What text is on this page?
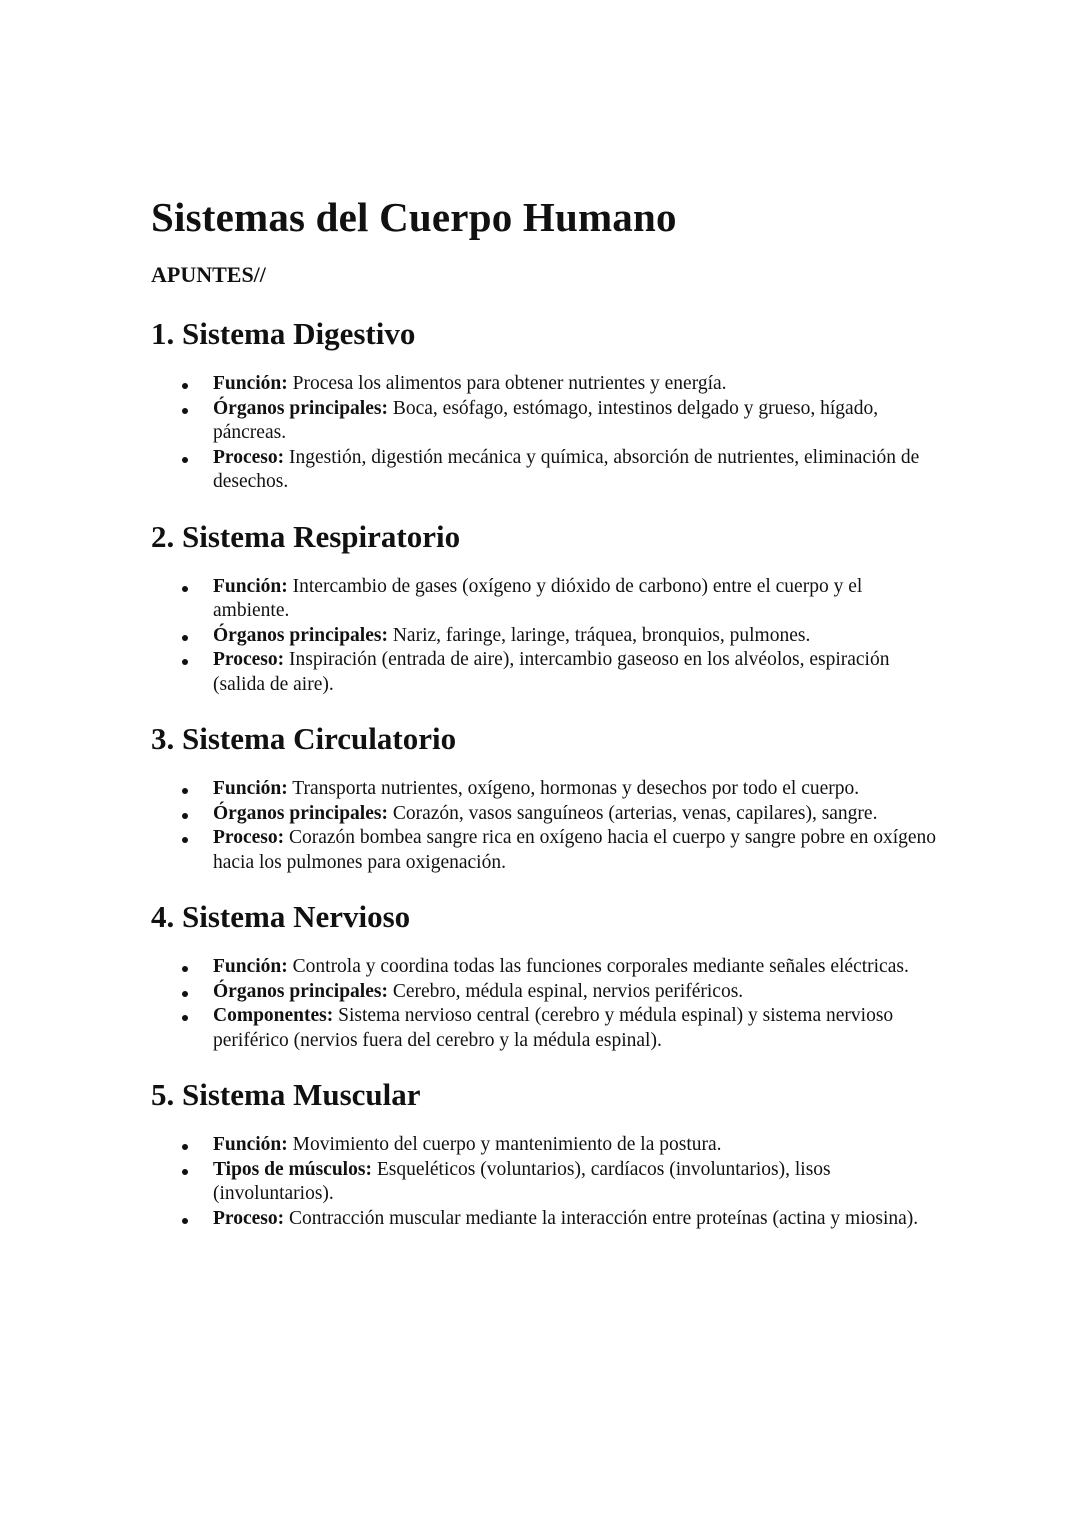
Sistemas del Cuerpo Humano
APUNTES//
1. Sistema Digestivo
Función: Procesa los alimentos para obtener nutrientes y energía.
Órganos principales: Boca, esófago, estómago, intestinos delgado y grueso, hígado, páncreas.
Proceso: Ingestión, digestión mecánica y química, absorción de nutrientes, eliminación de desechos.
2. Sistema Respiratorio
Función: Intercambio de gases (oxígeno y dióxido de carbono) entre el cuerpo y el ambiente.
Órganos principales: Nariz, faringe, laringe, tráquea, bronquios, pulmones.
Proceso: Inspiración (entrada de aire), intercambio gaseoso en los alvéolos, espiración (salida de aire).
3. Sistema Circulatorio
Función: Transporta nutrientes, oxígeno, hormonas y desechos por todo el cuerpo.
Órganos principales: Corazón, vasos sanguíneos (arterias, venas, capilares), sangre.
Proceso: Corazón bombea sangre rica en oxígeno hacia el cuerpo y sangre pobre en oxígeno hacia los pulmones para oxigenación.
4. Sistema Nervioso
Función: Controla y coordina todas las funciones corporales mediante señales eléctricas.
Órganos principales: Cerebro, médula espinal, nervios periféricos.
Componentes: Sistema nervioso central (cerebro y médula espinal) y sistema nervioso periférico (nervios fuera del cerebro y la médula espinal).
5. Sistema Muscular
Función: Movimiento del cuerpo y mantenimiento de la postura.
Tipos de músculos: Esqueléticos (voluntarios), cardíacos (involuntarios), lisos (involuntarios).
Proceso: Contracción muscular mediante la interacción entre proteínas (actina y miosina).
